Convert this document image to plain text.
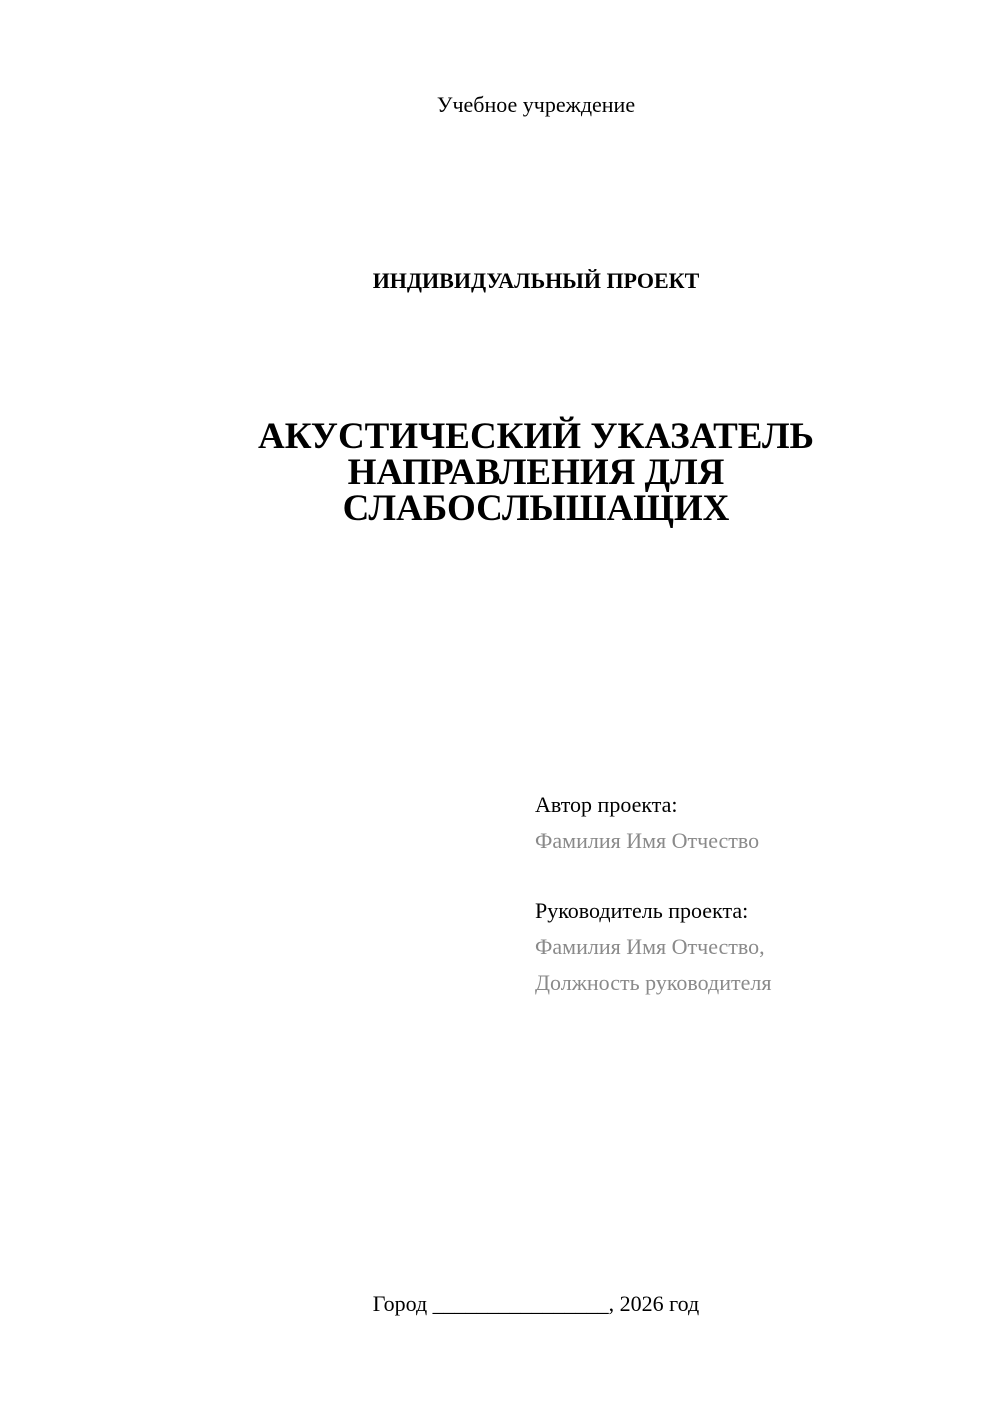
Учебное учреждение
ИНДИВИДУАЛЬНЫЙ ПРОЕКТ
АКУСТИЧЕСКИЙ УКАЗАТЕЛЬ
НАПРАВЛЕНИЯ ДЛЯ
СЛАБОСЛЫШАЩИХ
Автор проекта:
Фамилия Имя Отчество
Руководитель проекта:
Фамилия Имя Отчество,
Должность руководителя
Город ________________, 2026 год
